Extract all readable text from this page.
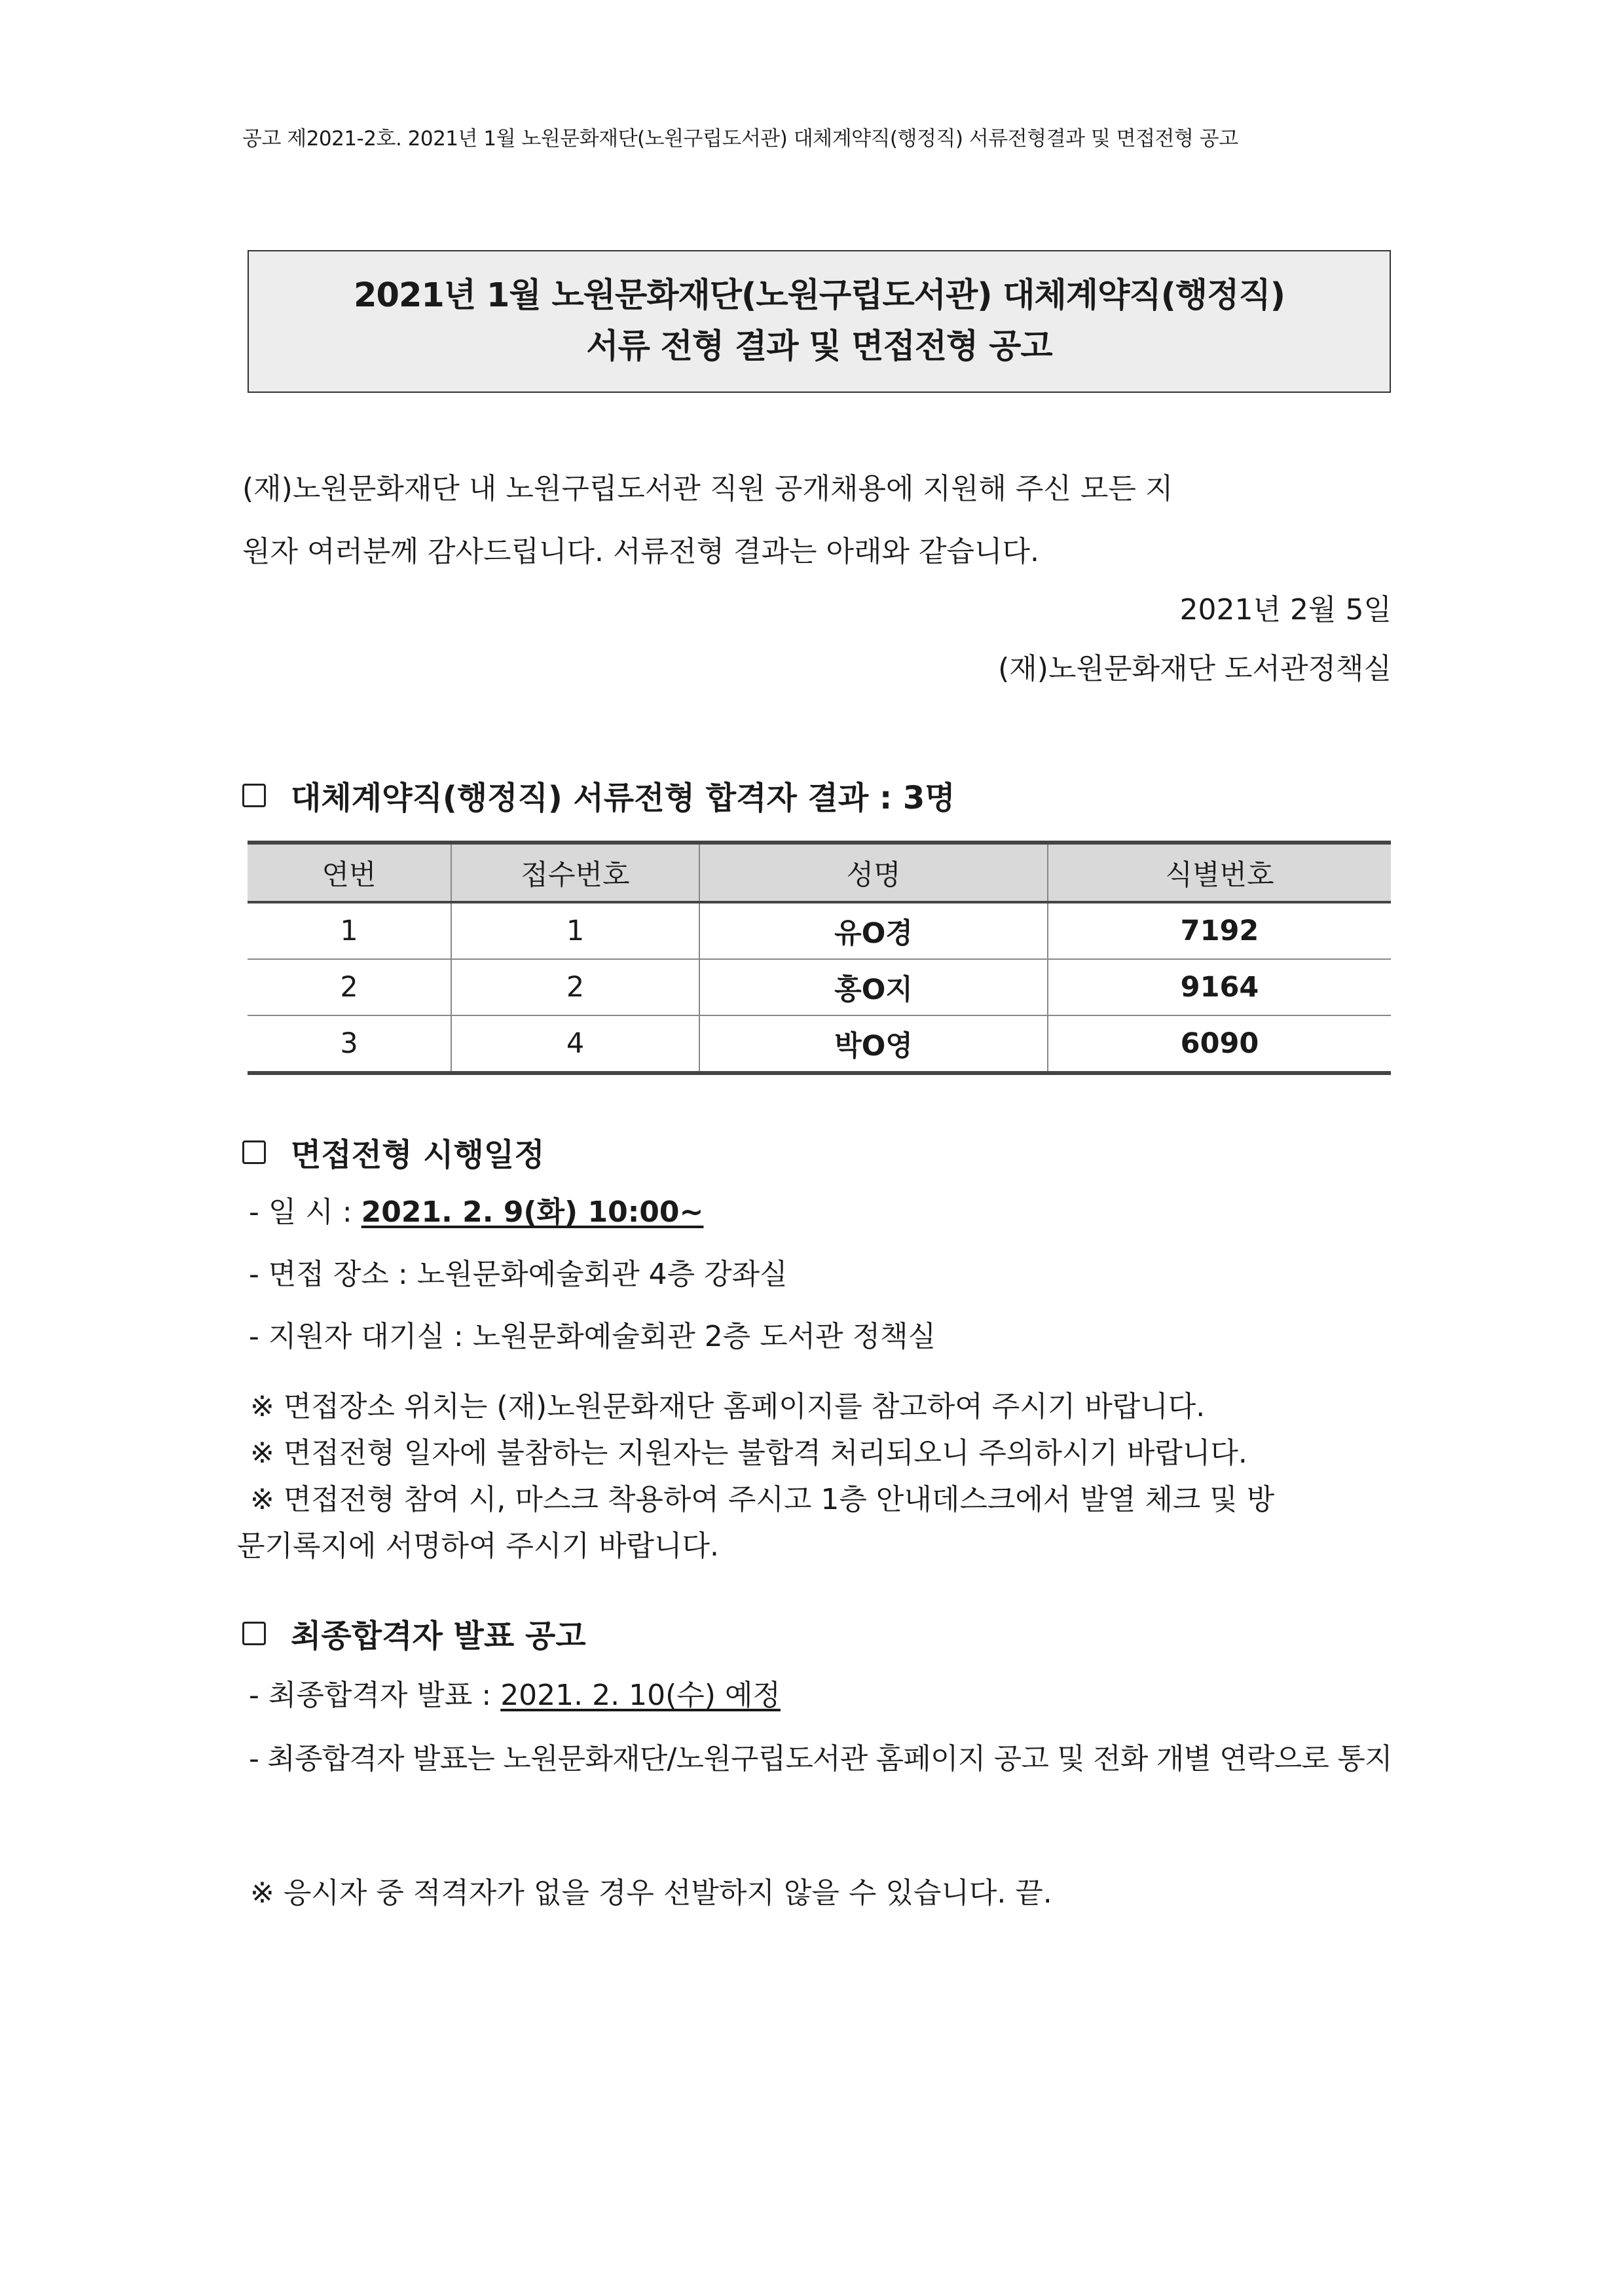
공고 제2021-2호. 2021년 1월 노원문화재단(노원구립도서관) 대체계약직(행정직) 서류전형결과 및 면접전형 공고
2021년 1월 노원문화재단(노원구립도서관) 대체계약직(행정직)
서류 전형 결과 및 면접전형 공고
(재)노원문화재단 내 노원구립도서관 직원 공개채용에 지원해 주신 모든 지
원자 여러분께 감사드립니다. 서류전형 결과는 아래와 같습니다.
2021년 2월 5일
(재)노원문화재단 도서관정책실
대체계약직(행정직) 서류전형 합격자 결과 : 3명
연번	접수번호	성명	식별번호
1	1	유O경	7192
2	2	홍O지	9164
3	4	박O영	6090
면접전형 시행일정
- 일 시 : 2021. 2. 9(화) 10:00~
- 면접 장소 : 노원문화예술회관 4층 강좌실
- 지원자 대기실 : 노원문화예술회관 2층 도서관 정책실
※ 면접장소 위치는 (재)노원문화재단 홈페이지를 참고하여 주시기 바랍니다.
※ 면접전형 일자에 불참하는 지원자는 불합격 처리되오니 주의하시기 바랍니다.
※ 면접전형 참여 시, 마스크 착용하여 주시고 1층 안내데스크에서 발열 체크 및 방
문기록지에 서명하여 주시기 바랍니다.
최종합격자 발표 공고
- 최종합격자 발표 : 2021. 2. 10(수) 예정
- 최종합격자 발표는 노원문화재단/노원구립도서관 홈페이지 공고 및 전화 개별 연락으로 통지
※ 응시자 중 적격자가 없을 경우 선발하지 않을 수 있습니다. 끝.
